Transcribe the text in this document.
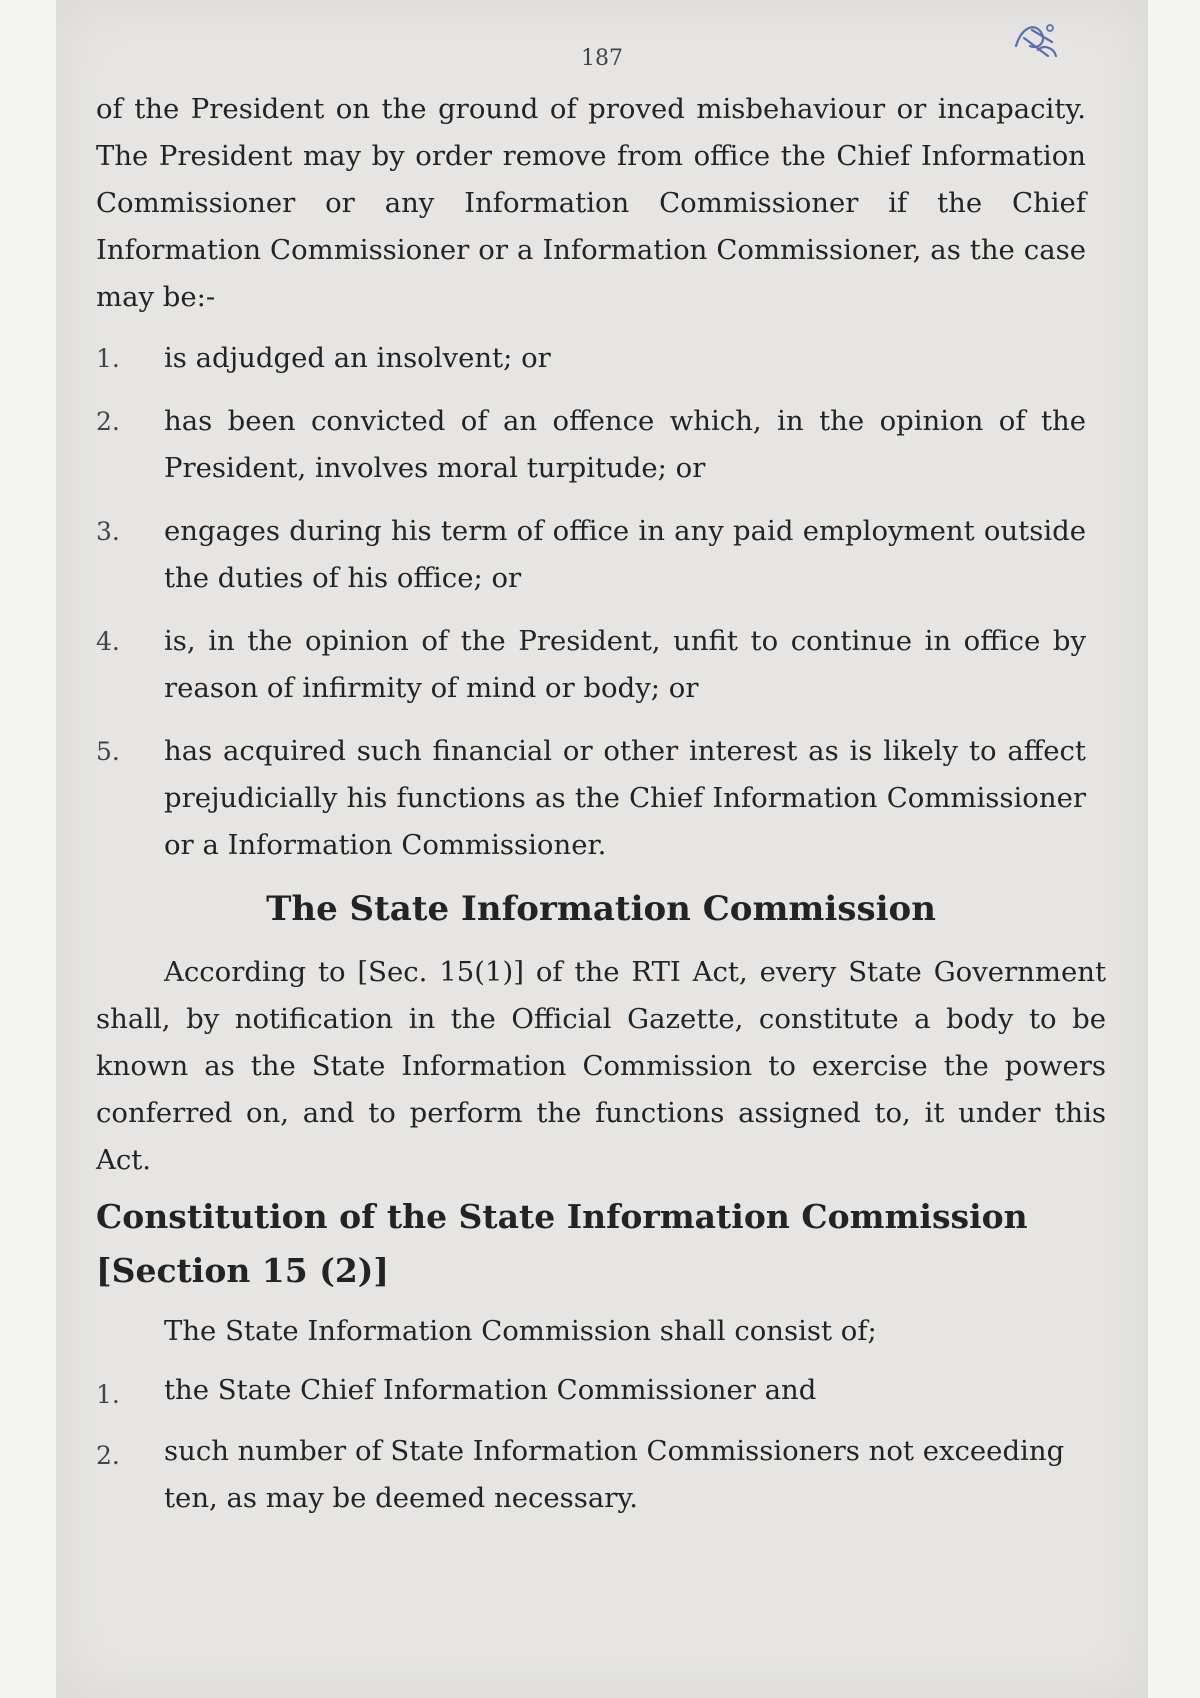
187

of the President on the ground of proved misbehaviour or incapacity. The President may by order remove from office the Chief Information Commissioner or any Information Commissioner if the Chief Information Commissioner or a Information Commissioner, as the case may be:-

1.	is adjudged an insolvent; or
2.	has been convicted of an offence which, in the opinion of the President, involves moral turpitude; or
3.	engages during his term of office in any paid employment outside the duties of his office; or
4.	is, in the opinion of the President, unfit to continue in office by reason of infirmity of mind or body; or
5.	has acquired such financial or other interest as is likely to affect prejudicially his functions as the Chief Information Commissioner or a Information Commissioner.
The State Information Commission

According to [Sec. 15(1)] of the RTI Act, every State Government shall, by notification in the Official Gazette, constitute a body to be known as the State Information Commission to exercise the powers conferred on, and to perform the functions assigned to, it under this Act.

Constitution of the State Information Commission
[Section 15 (2)]

The State Information Commission shall consist of;

1.	the State Chief Information Commissioner and
2.	such number of State Information Commissioners not exceeding ten, as may be deemed necessary.
